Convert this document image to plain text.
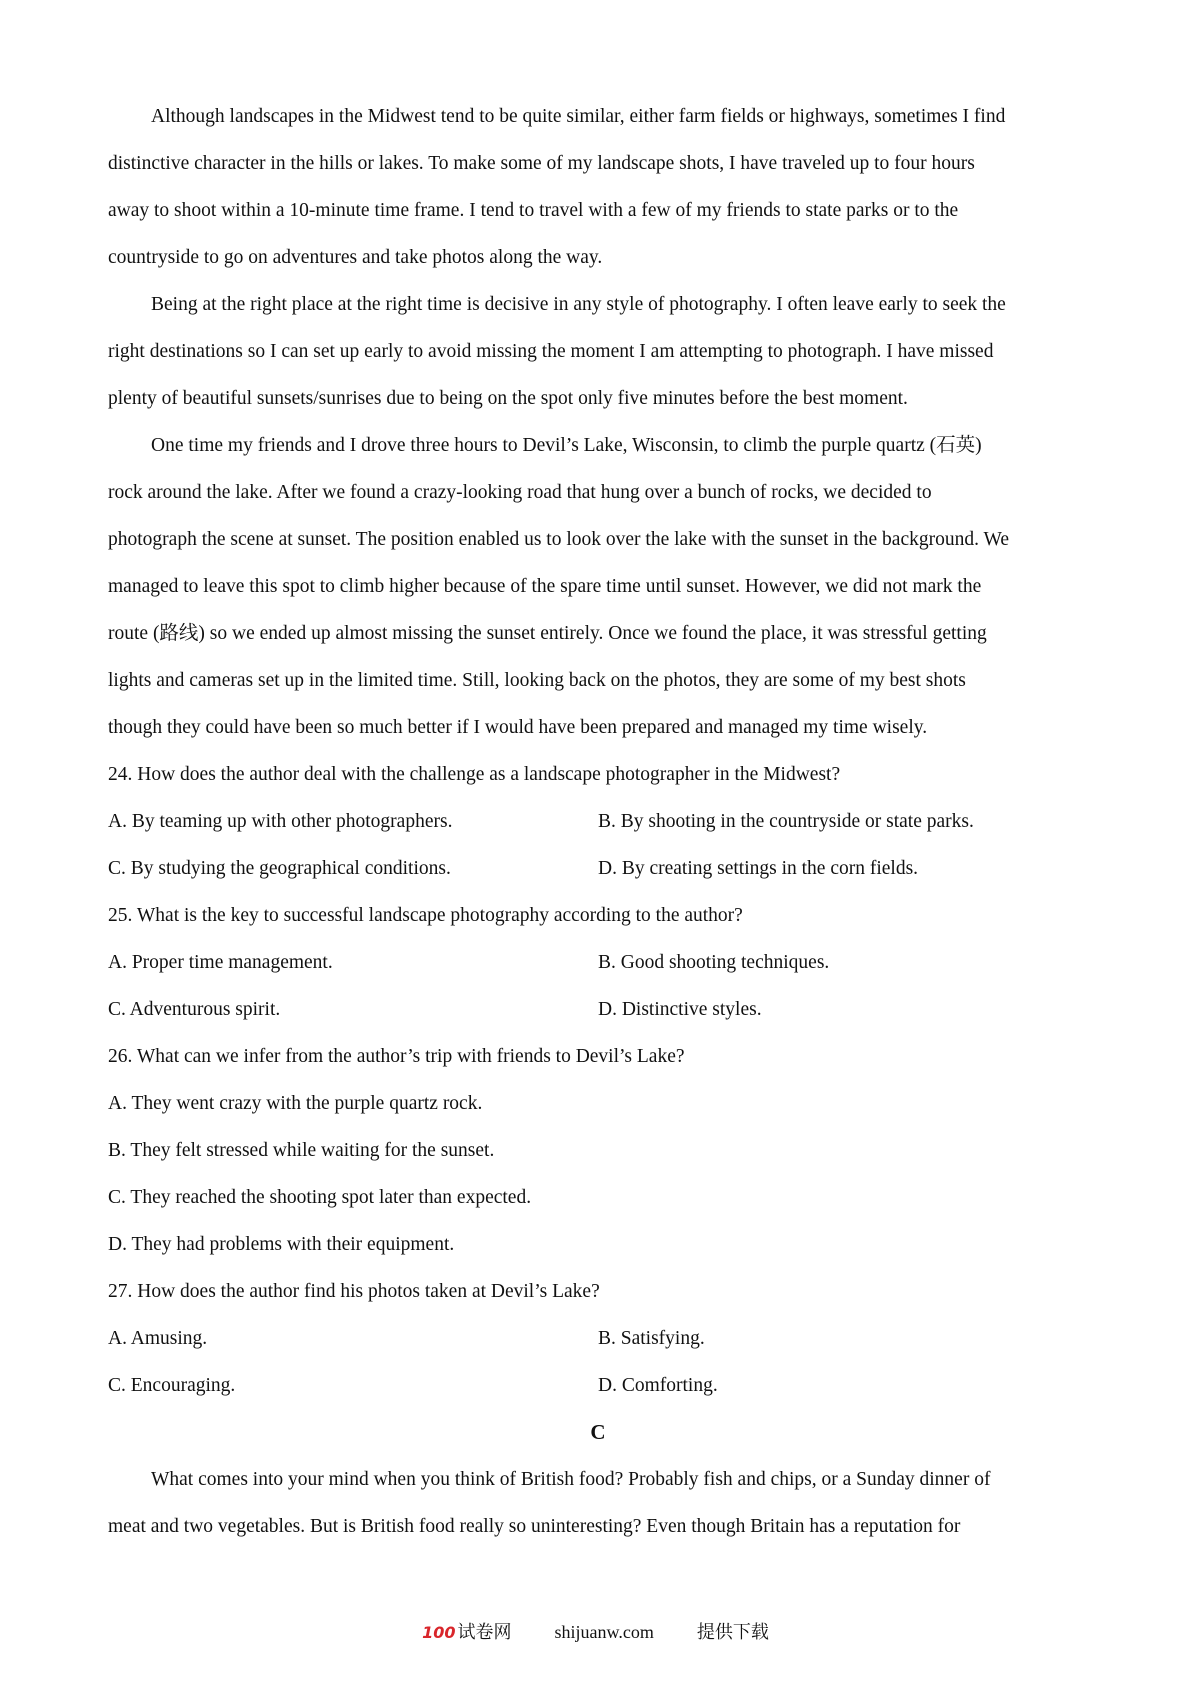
Although landscapes in the Midwest tend to be quite similar, either farm fields or highways, sometimes I find
distinctive character in the hills or lakes. To make some of my landscape shots, I have traveled up to four hours
away to shoot within a 10-minute time frame. I tend to travel with a few of my friends to state parks or to the
countryside to go on adventures and take photos along the way.
Being at the right place at the right time is decisive in any style of photography. I often leave early to seek the
right destinations so I can set up early to avoid missing the moment I am attempting to photograph. I have missed
plenty of beautiful sunsets/sunrises due to being on the spot only five minutes before the best moment.
One time my friends and I drove three hours to Devil’s Lake, Wisconsin, to climb the purple quartz (石英)
rock around the lake. After we found a crazy-looking road that hung over a bunch of rocks, we decided to
photograph the scene at sunset. The position enabled us to look over the lake with the sunset in the background. We
managed to leave this spot to climb higher because of the spare time until sunset. However, we did not mark the
route (路线) so we ended up almost missing the sunset entirely. Once we found the place, it was stressful getting
lights and cameras set up in the limited time. Still, looking back on the photos, they are some of my best shots
though they could have been so much better if I would have been prepared and managed my time wisely.
24. How does the author deal with the challenge as a landscape photographer in the Midwest?
A. By teaming up with other photographers.	B. By shooting in the countryside or state parks.
C. By studying the geographical conditions.	D. By creating settings in the corn fields.
25. What is the key to successful landscape photography according to the author?
A. Proper time management.	B. Good shooting techniques.
C. Adventurous spirit.	D. Distinctive styles.
26. What can we infer from the author’s trip with friends to Devil’s Lake?
A. They went crazy with the purple quartz rock.
B. They felt stressed while waiting for the sunset.
C. They reached the shooting spot later than expected.
D. They had problems with their equipment.
27. How does the author find his photos taken at Devil’s Lake?
A. Amusing.	B. Satisfying.
C. Encouraging.	D. Comforting.
C
What comes into your mind when you think of British food? Probably fish and chips, or a Sunday dinner of
meat and two vegetables. But is British food really so uninteresting? Even though Britain has a reputation for
100 试卷网 shijuanw.com 提供下载
